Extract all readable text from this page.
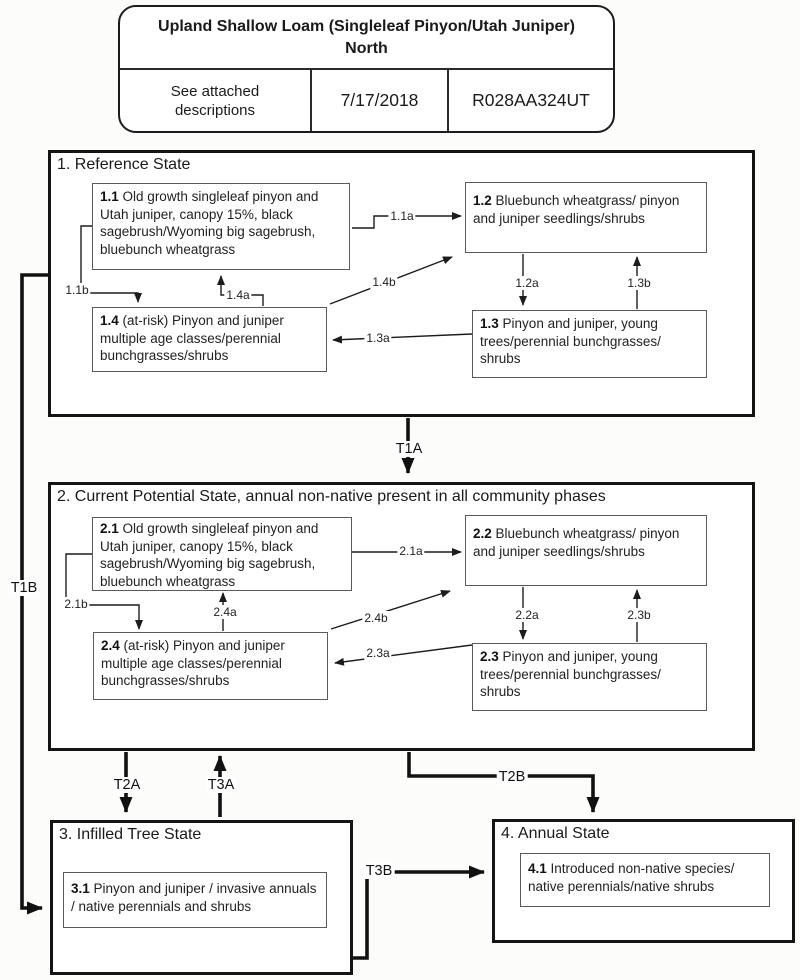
Upland Shallow Loam (Singleleaf Pinyon/Utah Juniper)
North
See attached descriptions	7/17/2018	R028AA324UT
1. Reference State
2. Current Potential State, annual non-native present in all community phases
3. Infilled Tree State	4. Annual State
1.1 Old growth singleleaf pinyon and Utah juniper, canopy 15%, black sagebrush/Wyoming big sagebrush, bluebunch wheatgrass
1.2 Bluebunch wheatgrass/ pinyon and juniper seedlings/shrubs
1.3 Pinyon and juniper, young trees/perennial bunchgrasses/ shrubs
1.4 (at-risk) Pinyon and juniper multiple age classes/perennial bunchgrasses/shrubs
2.1 Old growth singleleaf pinyon and Utah juniper, canopy 15%, black sagebrush/Wyoming big sagebrush, bluebunch wheatgrass
2.2 Bluebunch wheatgrass/ pinyon and juniper seedlings/shrubs
2.3 Pinyon and juniper, young trees/perennial bunchgrasses/ shrubs
2.4 (at-risk) Pinyon and juniper multiple age classes/perennial bunchgrasses/shrubs
3.1 Pinyon and juniper / invasive annuals / native perennials and shrubs
4.1 Introduced non-native species/ native perennials/native shrubs
1.1a
1.1b	1.4a
1.4b	1.2a	1.3b
1.3a
2.1a
2.1b
2.4a	2.4b	2.2a	2.3b
2.3a
T1A
T1B
T2A	T3A	T2B
T3B
